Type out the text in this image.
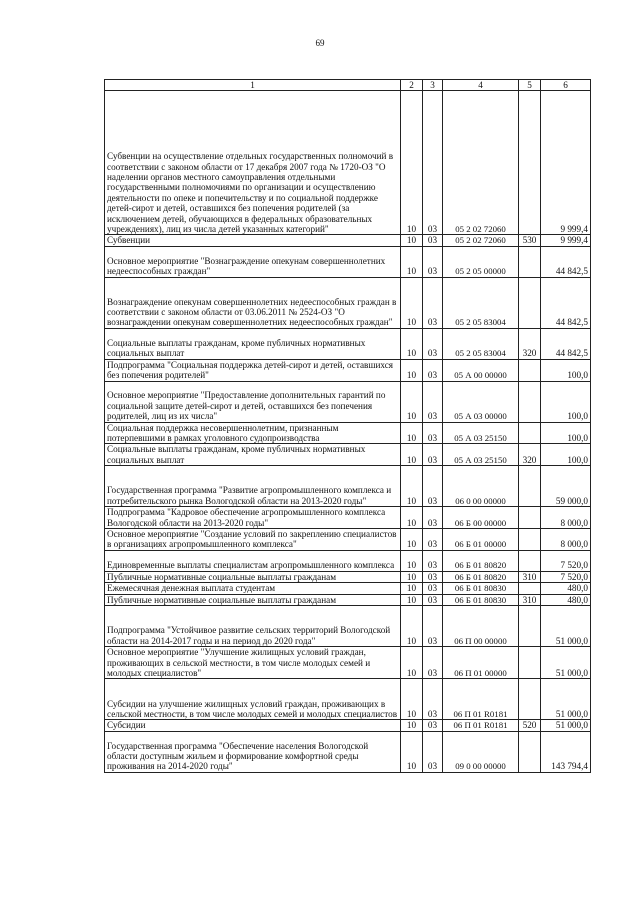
69
1	2	3	4	5	6
Субвенции на осуществление отдельных государственных полномочий в соответствии с законом области от 17 декабря 2007 года № 1720-ОЗ "О наделении органов местного самоуправления отдельными государственными полномочиями по организации и осуществлению деятельности по опеке и попечительству и по социальной поддержке детей-сирот и детей, оставшихся без попечения родителей (за исключением детей, обучающихся в федеральных образовательных учреждениях), лиц из числа детей указанных категорий"	10	03	05 2 02 72060		9 999,4
Субвенции	10	03	05 2 02 72060	530	9 999,4
Основное мероприятие "Вознаграждение опекунам совершеннолетних недееспособных граждан"	10	03	05 2 05 00000		44 842,5
Вознаграждение опекунам совершеннолетних недееспособных граждан в соответствии с законом области от 03.06.2011 № 2524-ОЗ "О вознаграждении опекунам совершеннолетних недееспособных граждан"	10	03	05 2 05 83004		44 842,5
Социальные выплаты гражданам, кроме публичных нормативных социальных выплат	10	03	05 2 05 83004	320	44 842,5
Подпрограмма "Социальная поддержка детей-сирот и детей, оставшихся без попечения родителей"	10	03	05 А 00 00000		100,0
Основное мероприятие "Предоставление дополнительных гарантий по социальной защите детей-сирот и детей, оставшихся без попечения родителей, лиц из их числа"	10	03	05 А 03 00000		100,0
Социальная поддержка несовершеннолетним, признанным потерпевшими в рамках уголовного судопроизводства	10	03	05 А 03 25150		100,0
Социальные выплаты гражданам, кроме публичных нормативных социальных выплат	10	03	05 А 03 25150	320	100,0
Государственная программа "Развитие агропромышленного комплекса и потребительского рынка Вологодской области на 2013-2020 годы"	10	03	06 0 00 00000		59 000,0
Подпрограмма "Кадровое обеспечение агропромышленного комплекса Вологодской области на 2013-2020 годы"	10	03	06 Б 00 00000		8 000,0
Основное мероприятие "Создание условий по закреплению специалистов в организациях агропромышленного комплекса"	10	03	06 Б 01 00000		8 000,0
Единовременные выплаты специалистам агропромышленного комплекса	10	03	06 Б 01 80820		7 520,0
Публичные нормативные социальные выплаты гражданам	10	03	06 Б 01 80820	310	7 520,0
Ежемесячная денежная выплата студентам	10	03	06 Б 01 80830		480,0
Публичные нормативные социальные выплаты гражданам	10	03	06 Б 01 80830	310	480,0
Подпрограмма "Устойчивое развитие сельских территорий Вологодской области на 2014-2017 годы и на период до 2020 года"	10	03	06 П 00 00000		51 000,0
Основное мероприятие "Улучшение жилищных условий граждан, проживающих в сельской местности, в том числе молодых семей и молодых специалистов"	10	03	06 П 01 00000		51 000,0
Субсидии на улучшение жилищных условий граждан, проживающих в сельской местности, в том числе молодых семей и молодых специалистов	10	03	06 П 01 R0181		51 000,0
Субсидии	10	03	06 П 01 R0181	520	51 000,0
Государственная программа "Обеспечение населения Вологодской области доступным жильем и формирование комфортной среды проживания на 2014-2020 годы"	10	03	09 0 00 00000		143 794,4
